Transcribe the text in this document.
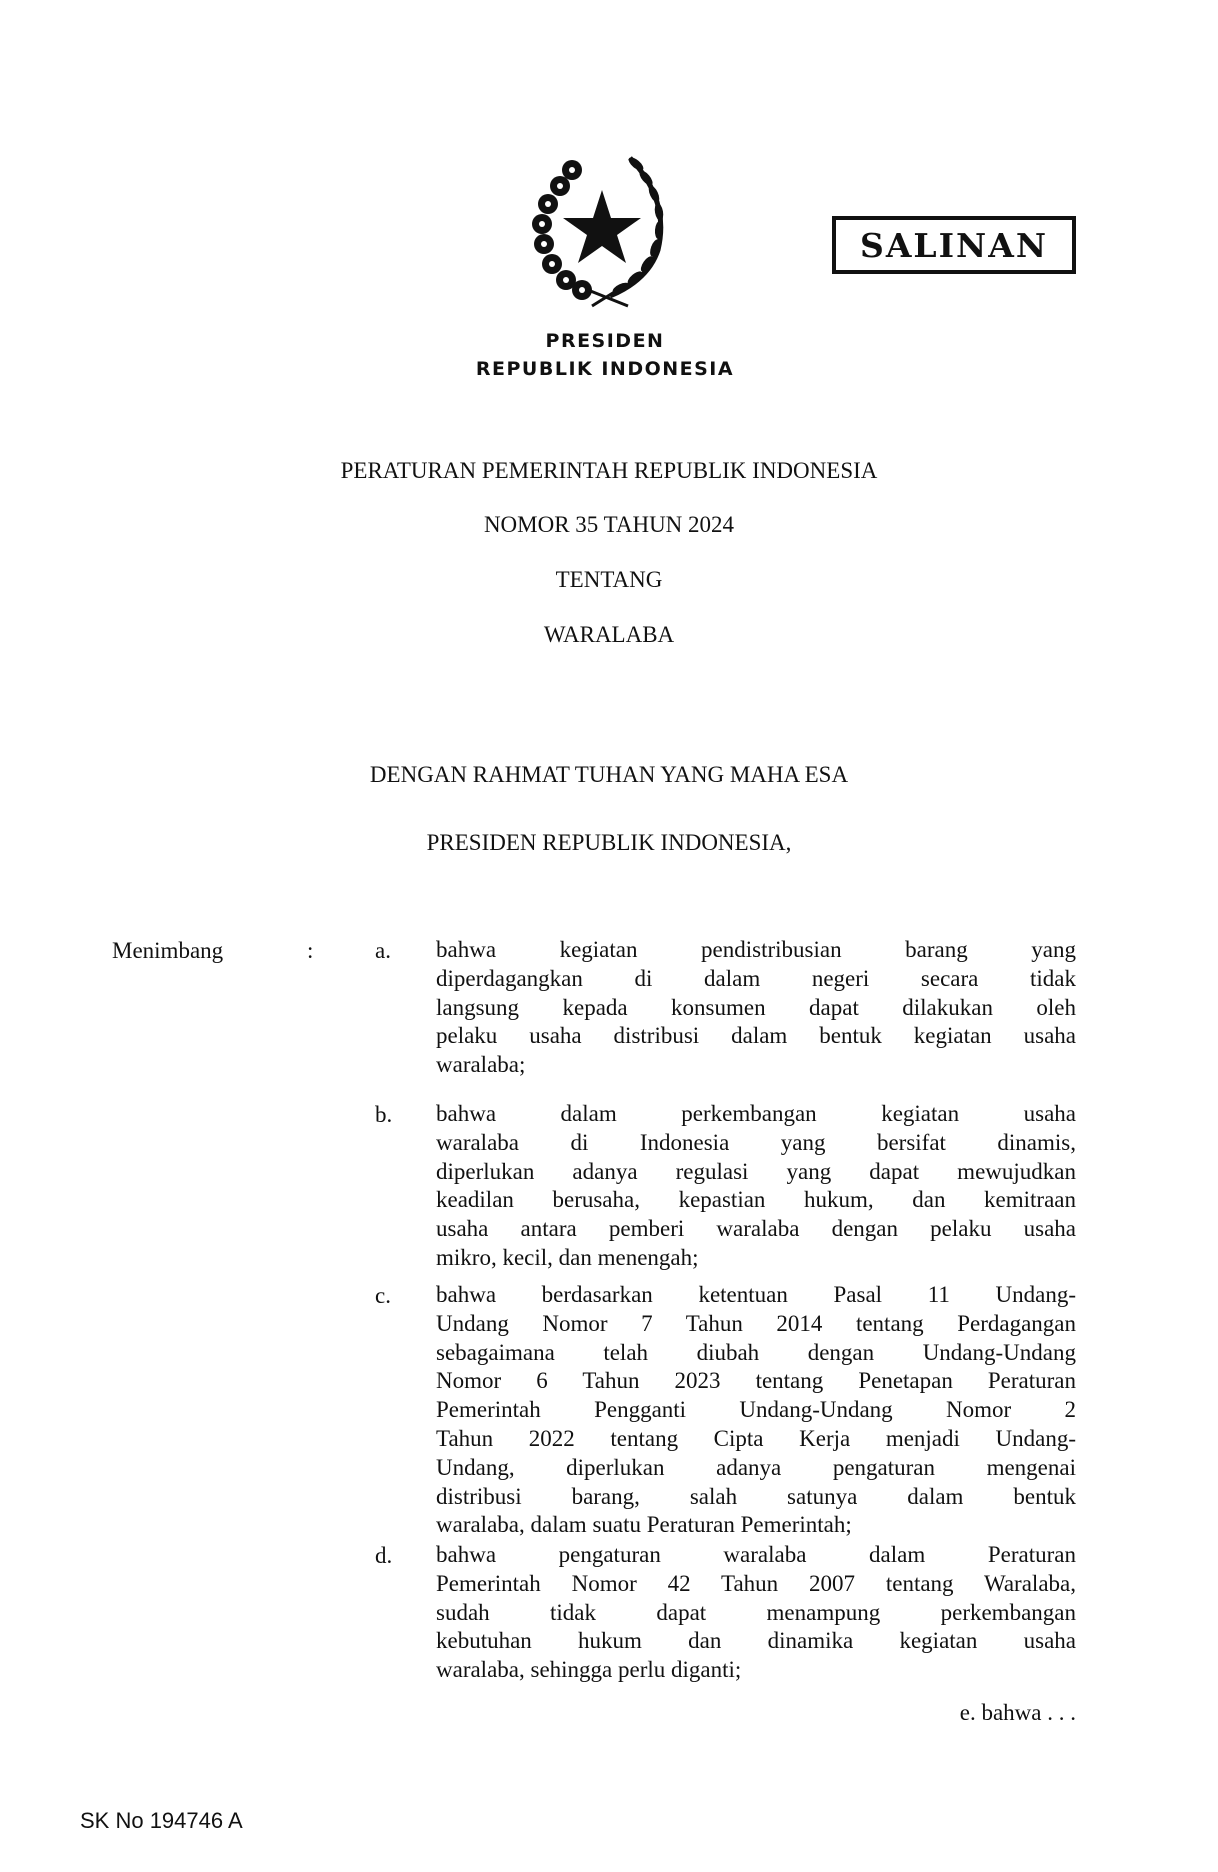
PRESIDEN
REPUBLIK INDONESIA
SALINAN
PERATURAN PEMERINTAH REPUBLIK INDONESIA
NOMOR 35 TAHUN 2024
TENTANG
WARALABA
DENGAN RAHMAT TUHAN YANG MAHA ESA
PRESIDEN REPUBLIK INDONESIA,
Menimbang	:	a. bahwa kegiatan pendistribusian barang yang
diperdagangkan di dalam negeri secara tidak
langsung kepada konsumen dapat dilakukan oleh
pelaku usaha distribusi dalam bentuk kegiatan usaha
waralaba;
b. bahwa dalam perkembangan kegiatan usaha
waralaba di Indonesia yang bersifat dinamis,
diperlukan adanya regulasi yang dapat mewujudkan
keadilan berusaha, kepastian hukum, dan kemitraan
usaha antara pemberi waralaba dengan pelaku usaha
mikro, kecil, dan menengah;
c. bahwa berdasarkan ketentuan Pasal 11 Undang-
Undang Nomor 7 Tahun 2014 tentang Perdagangan
sebagaimana telah diubah dengan Undang-Undang
Nomor 6 Tahun 2023 tentang Penetapan Peraturan
Pemerintah Pengganti Undang-Undang Nomor 2
Tahun 2022 tentang Cipta Kerja menjadi Undang-
Undang, diperlukan adanya pengaturan mengenai
distribusi barang, salah satunya dalam bentuk
waralaba, dalam suatu Peraturan Pemerintah;
d. bahwa pengaturan waralaba dalam Peraturan
Pemerintah Nomor 42 Tahun 2007 tentang Waralaba,
sudah tidak dapat menampung perkembangan
kebutuhan hukum dan dinamika kegiatan usaha
waralaba, sehingga perlu diganti;
e. bahwa . . .
SK No 194746 A
